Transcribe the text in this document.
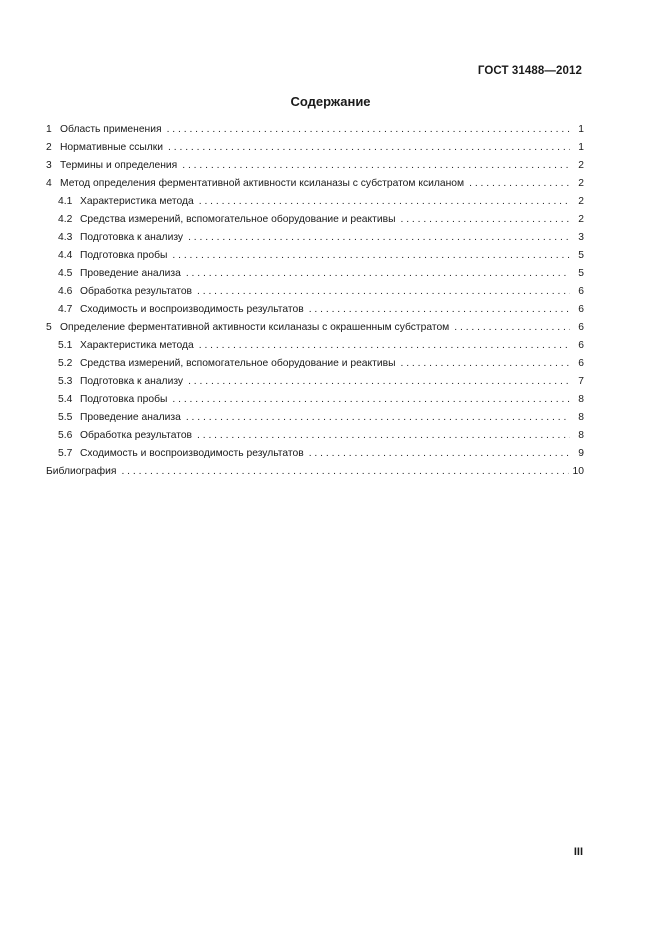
ГОСТ 31488—2012
Содержание
1 Область применения . . .	1
2 Нормативные ссылки . . .	1
3 Термины и определения . . .	2
4 Метод определения ферментативной активности ксиланазы с субстратом ксиланом . . .	2
4.1 Характеристика метода . . .	2
4.2 Средства измерений, вспомогательное оборудование и реактивы . . .	2
4.3 Подготовка к анализу . . .	3
4.4 Подготовка пробы . . .	5
4.5 Проведение анализа . . .	5
4.6 Обработка результатов . . .	6
4.7 Сходимость и воспроизводимость результатов . . .	6
5 Определение ферментативной активности ксиланазы с окрашенным субстратом . . .	6
5.1 Характеристика метода . . .	6
5.2 Средства измерений, вспомогательное оборудование и реактивы . . .	6
5.3 Подготовка к анализу . . .	7
5.4 Подготовка пробы . . .	8
5.5 Проведение анализа . . .	8
5.6 Обработка результатов . . .	8
5.7 Сходимость и воспроизводимость результатов . . .	9
Библиография . . .	10
III
